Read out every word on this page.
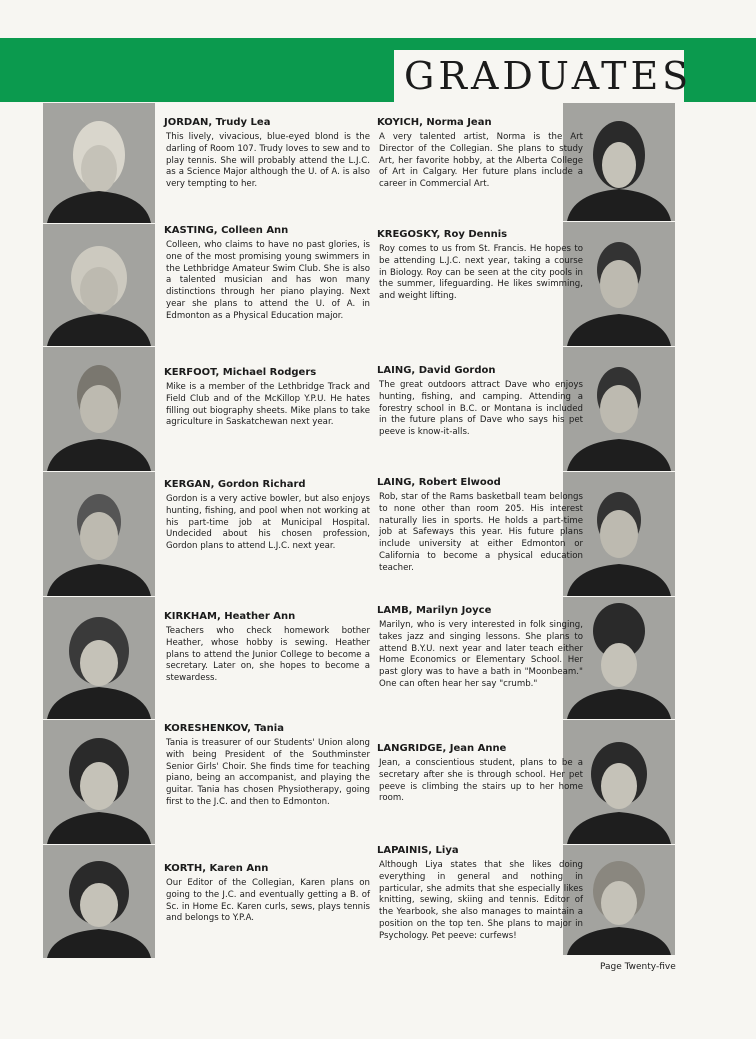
GRADUATES
JORDAN, Trudy Lea
This lively, vivacious, blue-eyed blond is the darling of Room 107. Trudy loves to sew and to play tennis. She will probably attend the L.J.C. as a Science Major although the U. of A. is also very tempting to her.
KASTING, Colleen Ann
Colleen, who claims to have no past glories, is one of the most promising young swimmers in the Lethbridge Amateur Swim Club. She is also a talented musician and has won many distinctions through her piano playing. Next year she plans to attend the U. of A. in Edmonton as a Physical Education major.
KERFOOT, Michael Rodgers
Mike is a member of the Lethbridge Track and Field Club and of the McKillop Y.P.U. He hates filling out biography sheets. Mike plans to take agriculture in Saskatchewan next year.
KERGAN, Gordon Richard
Gordon is a very active bowler, but also enjoys hunting, fishing, and pool when not working at his part-time job at Municipal Hospital. Undecided about his chosen profession, Gordon plans to attend L.J.C. next year.
KIRKHAM, Heather Ann
Teachers who check homework bother Heather, whose hobby is sewing. Heather plans to attend the Junior College to become a secretary. Later on, she hopes to become a stewardess.
KORESHENKOV, Tania
Tania is treasurer of our Students' Union along with being President of the Southminster Senior Girls' Choir. She finds time for teaching piano, being an accompanist, and playing the guitar. Tania has chosen Physiotherapy, going first to the J.C. and then to Edmonton.
KORTH, Karen Ann
Our Editor of the Collegian, Karen plans on going to the J.C. and eventually getting a B. of Sc. in Home Ec. Karen curls, sews, plays tennis and belongs to Y.P.A.
KOYICH, Norma Jean
A very talented artist, Norma is the Art Director of the Collegian. She plans to study Art, her favorite hobby, at the Alberta College of Art in Calgary. Her future plans include a career in Commercial Art.
KREGOSKY, Roy Dennis
Roy comes to us from St. Francis. He hopes to be attending L.J.C. next year, taking a course in Biology. Roy can be seen at the city pools in the summer, lifeguarding. He likes swimming, and weight lifting.
LAING, David Gordon
The great outdoors attract Dave who enjoys hunting, fishing, and camping. Attending a forestry school in B.C. or Montana is included in the future plans of Dave who says his pet peeve is know-it-alls.
LAING, Robert Elwood
Rob, star of the Rams basketball team belongs to none other than room 205. His interest naturally lies in sports. He holds a part-time job at Safeways this year. His future plans include university at either Edmonton or California to become a physical education teacher.
LAMB, Marilyn Joyce
Marilyn, who is very interested in folk singing, takes jazz and singing lessons. She plans to attend B.Y.U. next year and later teach either Home Economics or Elementary School. Her past glory was to have a bath in "Moonbeam." One can often hear her say "crumb."
LANGRIDGE, Jean Anne
Jean, a conscientious student, plans to be a secretary after she is through school. Her pet peeve is climbing the stairs up to her home room.
LAPAINIS, Liya
Although Liya states that she likes doing everything in general and nothing in particular, she admits that she especially likes knitting, sewing, skiing and tennis. Editor of the Yearbook, she also manages to maintain a position on the top ten. She plans to major in Psychology. Pet peeve: curfews!
Page Twenty-five
